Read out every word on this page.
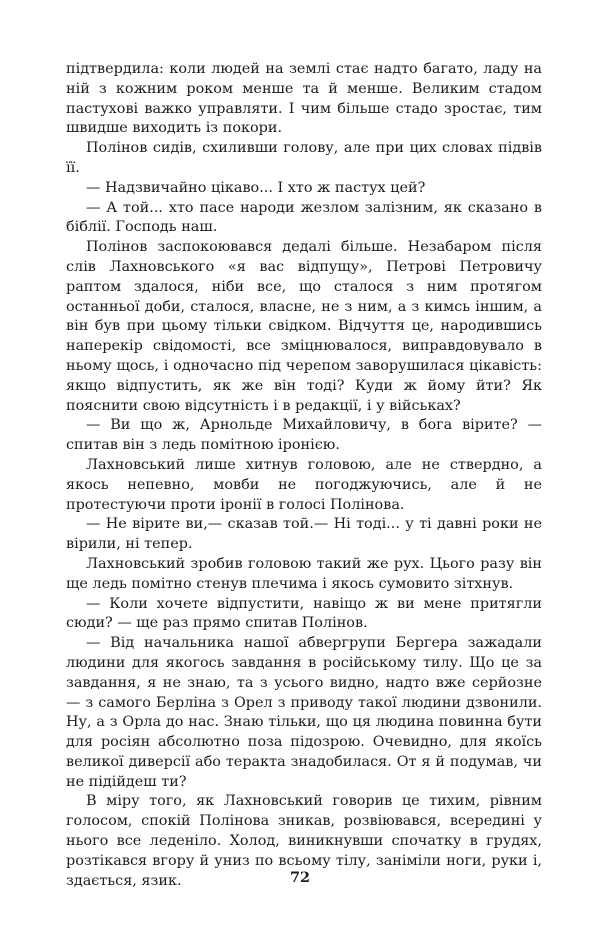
підтвердила: коли людей на землі стає надто багато, ладу на ній з кожним роком менше та й менше. Великим стадом пастухові важко управляти. І чим більше стадо зростає, тим швидше виходить із покори.

Полінов сидів, схиливши голову, але при цих словах підвів її.

— Надзвичайно цікаво... І хто ж пастух цей?

— А той... хто пасе народи жезлом залізним, як сказано в біблії. Господь наш.

Полінов заспокоювався дедалі більше. Незабаром після слів Лахновського «я вас відпущу», Петрові Петровичу раптом здалося, ніби все, що сталося з ним протягом останньої доби, сталося, власне, не з ним, а з кимсь іншим, а він був при цьому тільки свідком. Відчуття це, народившись наперекір свідомості, все зміцнювалося, виправдовувало в ньому щось, і одночасно під черепом заворушилася цікавість: якщо відпустить, як же він тоді? Куди ж йому йти? Як пояснити свою відсутність і в редакції, і у військах?

— Ви що ж, Арнольде Михайловичу, в бога вірите? — спитав він з ледь помітною іронією.

Лахновський лише хитнув головою, але не ствердно, а якось непевно, мовби не погоджуючись, але й не протестуючи проти іронії в голосі Полінова.

— Не вірите ви,— сказав той.— Ні тоді... у ті давні роки не вірили, ні тепер.

Лахновський зробив головою такий же рух. Цього разу він ще ледь помітно стенув плечима і якось сумовито зітхнув.

— Коли хочете відпустити, навіщо ж ви мене притягли сюди? — ще раз прямо спитав Полінов.

— Від начальника нашої абвергрупи Бергера зажадали людини для якогось завдання в російському тилу. Що це за завдання, я не знаю, та з усього видно, надто вже серйозне — з самого Берліна з Орел з приводу такої людини дзвонили. Ну, а з Орла до нас. Знаю тільки, що ця людина повинна бути для росіян абсолютно поза підозрою. Очевидно, для якоїсь великої диверсії або теракта знадобилася. От я й подумав, чи не підійдеш ти?

В міру того, як Лахновський говорив це тихим, рівним голосом, спокій Полінова зникав, розвіювався, всередині у нього все леденіло. Холод, виникнувши спочатку в грудях, розтікався вгору й униз по всьому тілу, заніміли ноги, руки і, здається, язик.	72
